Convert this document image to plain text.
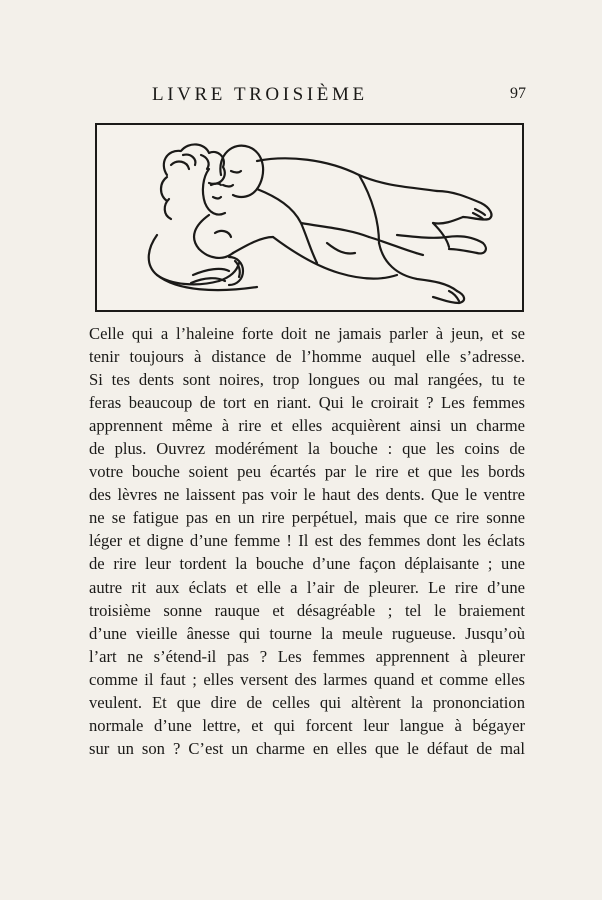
LIVRE TROISIÈME	97
Celle qui a l’haleine forte doit ne jamais parler à jeun, et se
tenir toujours à distance de l’homme auquel elle s’adresse.
Si tes dents sont noires, trop longues ou mal rangées, tu te
feras beaucoup de tort en riant. Qui le croirait ? Les femmes
apprennent même à rire et elles acquièrent ainsi un charme
de plus. Ouvrez modérément la bouche : que les coins de
votre bouche soient peu écartés par le rire et que les bords
des lèvres ne laissent pas voir le haut des dents. Que le ventre
ne se fatigue pas en un rire perpétuel, mais que ce rire sonne
léger et digne d’une femme ! Il est des femmes dont les éclats
de rire leur tordent la bouche d’une façon déplaisante ; une
autre rit aux éclats et elle a l’air de pleurer. Le rire d’une
troisième sonne rauque et désagréable ; tel le braiement
d’une vieille ânesse qui tourne la meule rugueuse. Jusqu’où
l’art ne s’étend-il pas ? Les femmes apprennent à pleurer
comme il faut ; elles versent des larmes quand et comme elles
veulent. Et que dire de celles qui altèrent la prononciation
normale d’une lettre, et qui forcent leur langue à bégayer
sur un son ? C’est un charme en elles que le défaut de mal
